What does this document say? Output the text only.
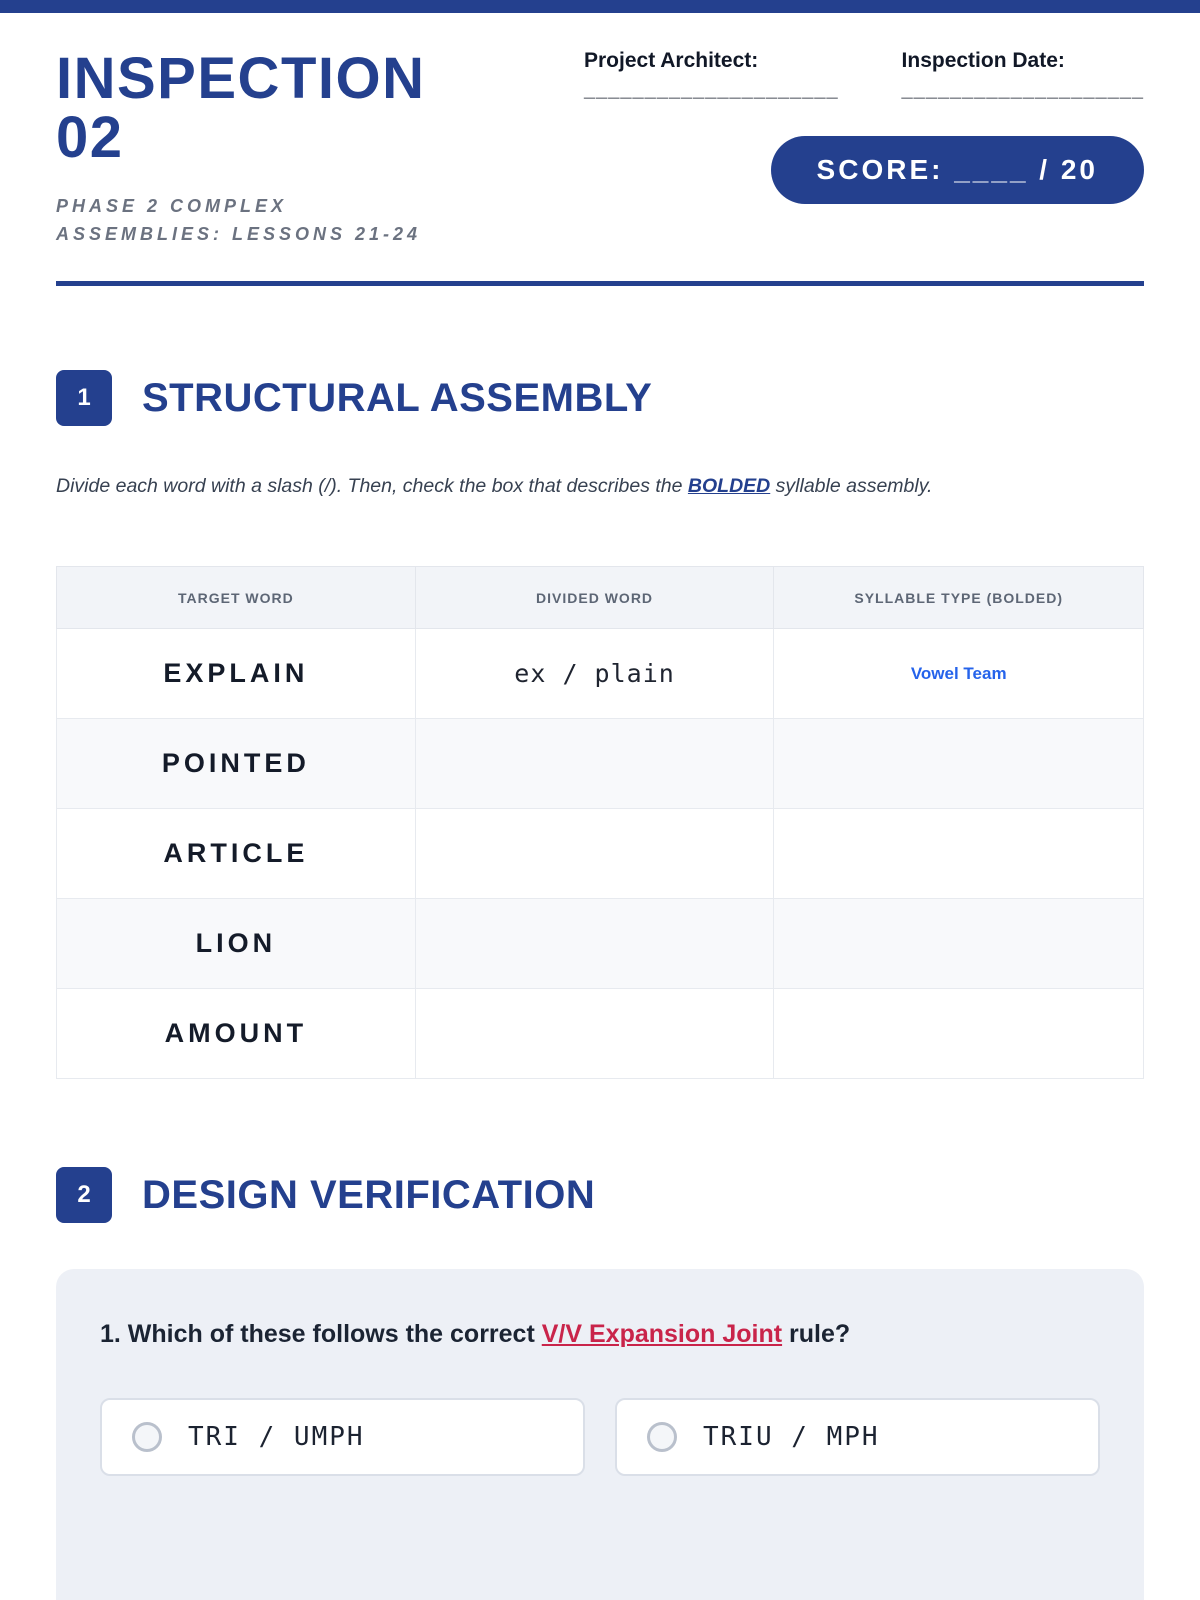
INSPECTION
02
PHASE 2 COMPLEX
ASSEMBLIES: LESSONS 21-24
Project Architect:
_____________________
Inspection Date:
____________________
SCORE: ____ / 20
1	STRUCTURAL ASSEMBLY

Divide each word with a slash (/). Then, check the box that describes the BOLDED syllable assembly.

TARGET WORD	DIVIDED WORD	SYLLABLE TYPE (BOLDED)
EXPLAIN	ex / plain	Vowel Team
POINTED		
ARTICLE		
LION		
AMOUNT		
2	DESIGN VERIFICATION
1. Which of these follows the correct V/V Expansion Joint rule?
TRI / UMPH	TRIU / MPH
